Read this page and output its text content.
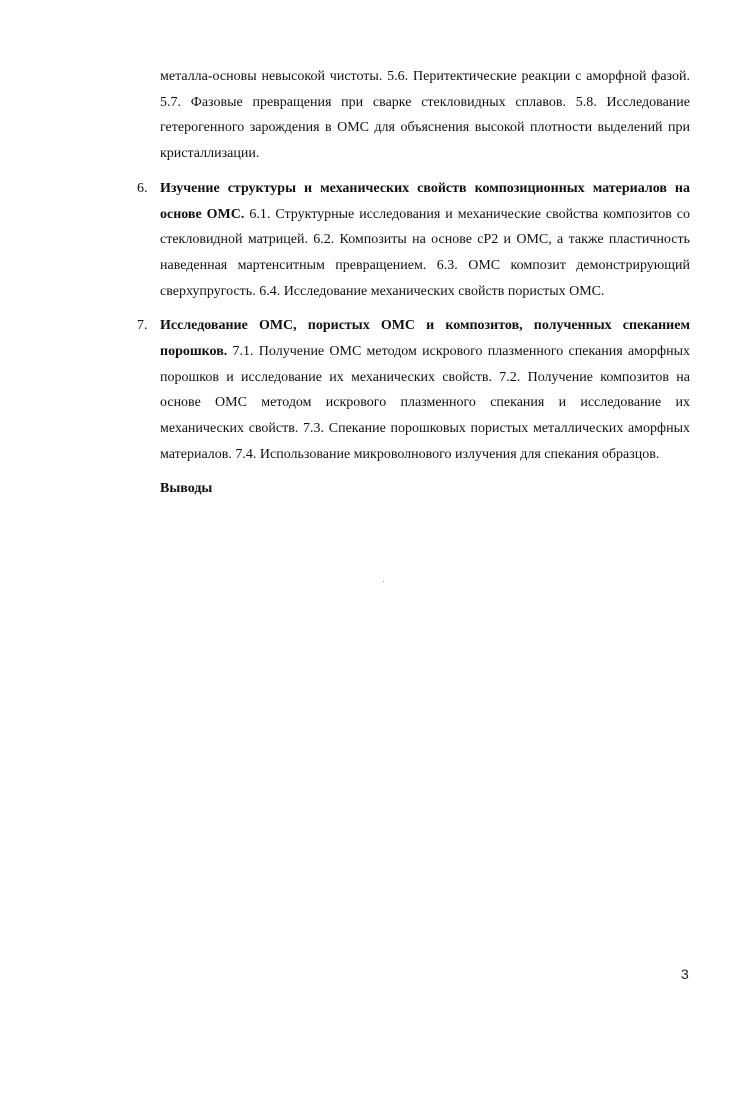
металла-основы невысокой чистоты. 5.6. Перитектические реакции с аморфной фазой. 5.7. Фазовые превращения при сварке стекловидных сплавов. 5.8. Исследование гетерогенного зарождения в ОМС для объяснения высокой плотности выделений при кристаллизации.

6. Изучение структуры и механических свойств композиционных материалов на основе ОМС. 6.1. Структурные исследования и механические свойства композитов со стекловидной матрицей. 6.2. Композиты на основе cP2 и ОМС, а также пластичность наведенная мартенситным превращением. 6.3. ОМС композит демонстрирующий сверхупругость. 6.4. Исследование механических свойств пористых ОМС.

7. Исследование ОМС, пористых ОМС и композитов, полученных спеканием порошков. 7.1. Получение ОМС методом искрового плазменного спекания аморфных порошков и исследование их механических свойств. 7.2. Получение композитов на основе ОМС методом искрового плазменного спекания и исследование их механических свойств. 7.3. Спекание порошковых пористых металлических аморфных материалов. 7.4. Использование микроволнового излучения для спекания образцов.

Выводы

3
